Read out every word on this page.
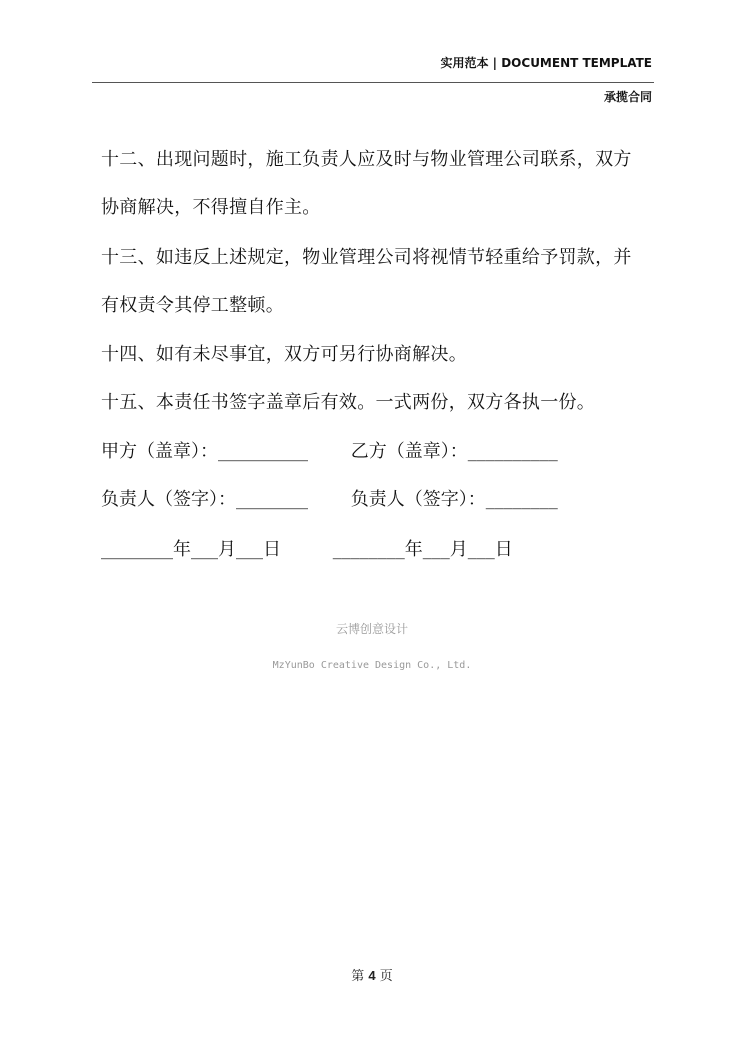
实用范本 | DOCUMENT TEMPLATE
承揽合同
十二、出现问题时，施工负责人应及时与物业管理公司联系，双方
协商解决，不得擅自作主。
十三、如违反上述规定，物业管理公司将视情节轻重给予罚款，并
有权责令其停工整顿。
十四、如有未尽事宜，双方可另行协商解决。
十五、本责任书签字盖章后有效。一式两份，双方各执一份。
甲方（盖章）：__________ 乙方（盖章）：__________
负责人（签字）：________ 负责人（签字）：________
________年___月___日	________年___月___日
云博创意设计
MzYunBo Creative Design Co., Ltd.
第 4 页
